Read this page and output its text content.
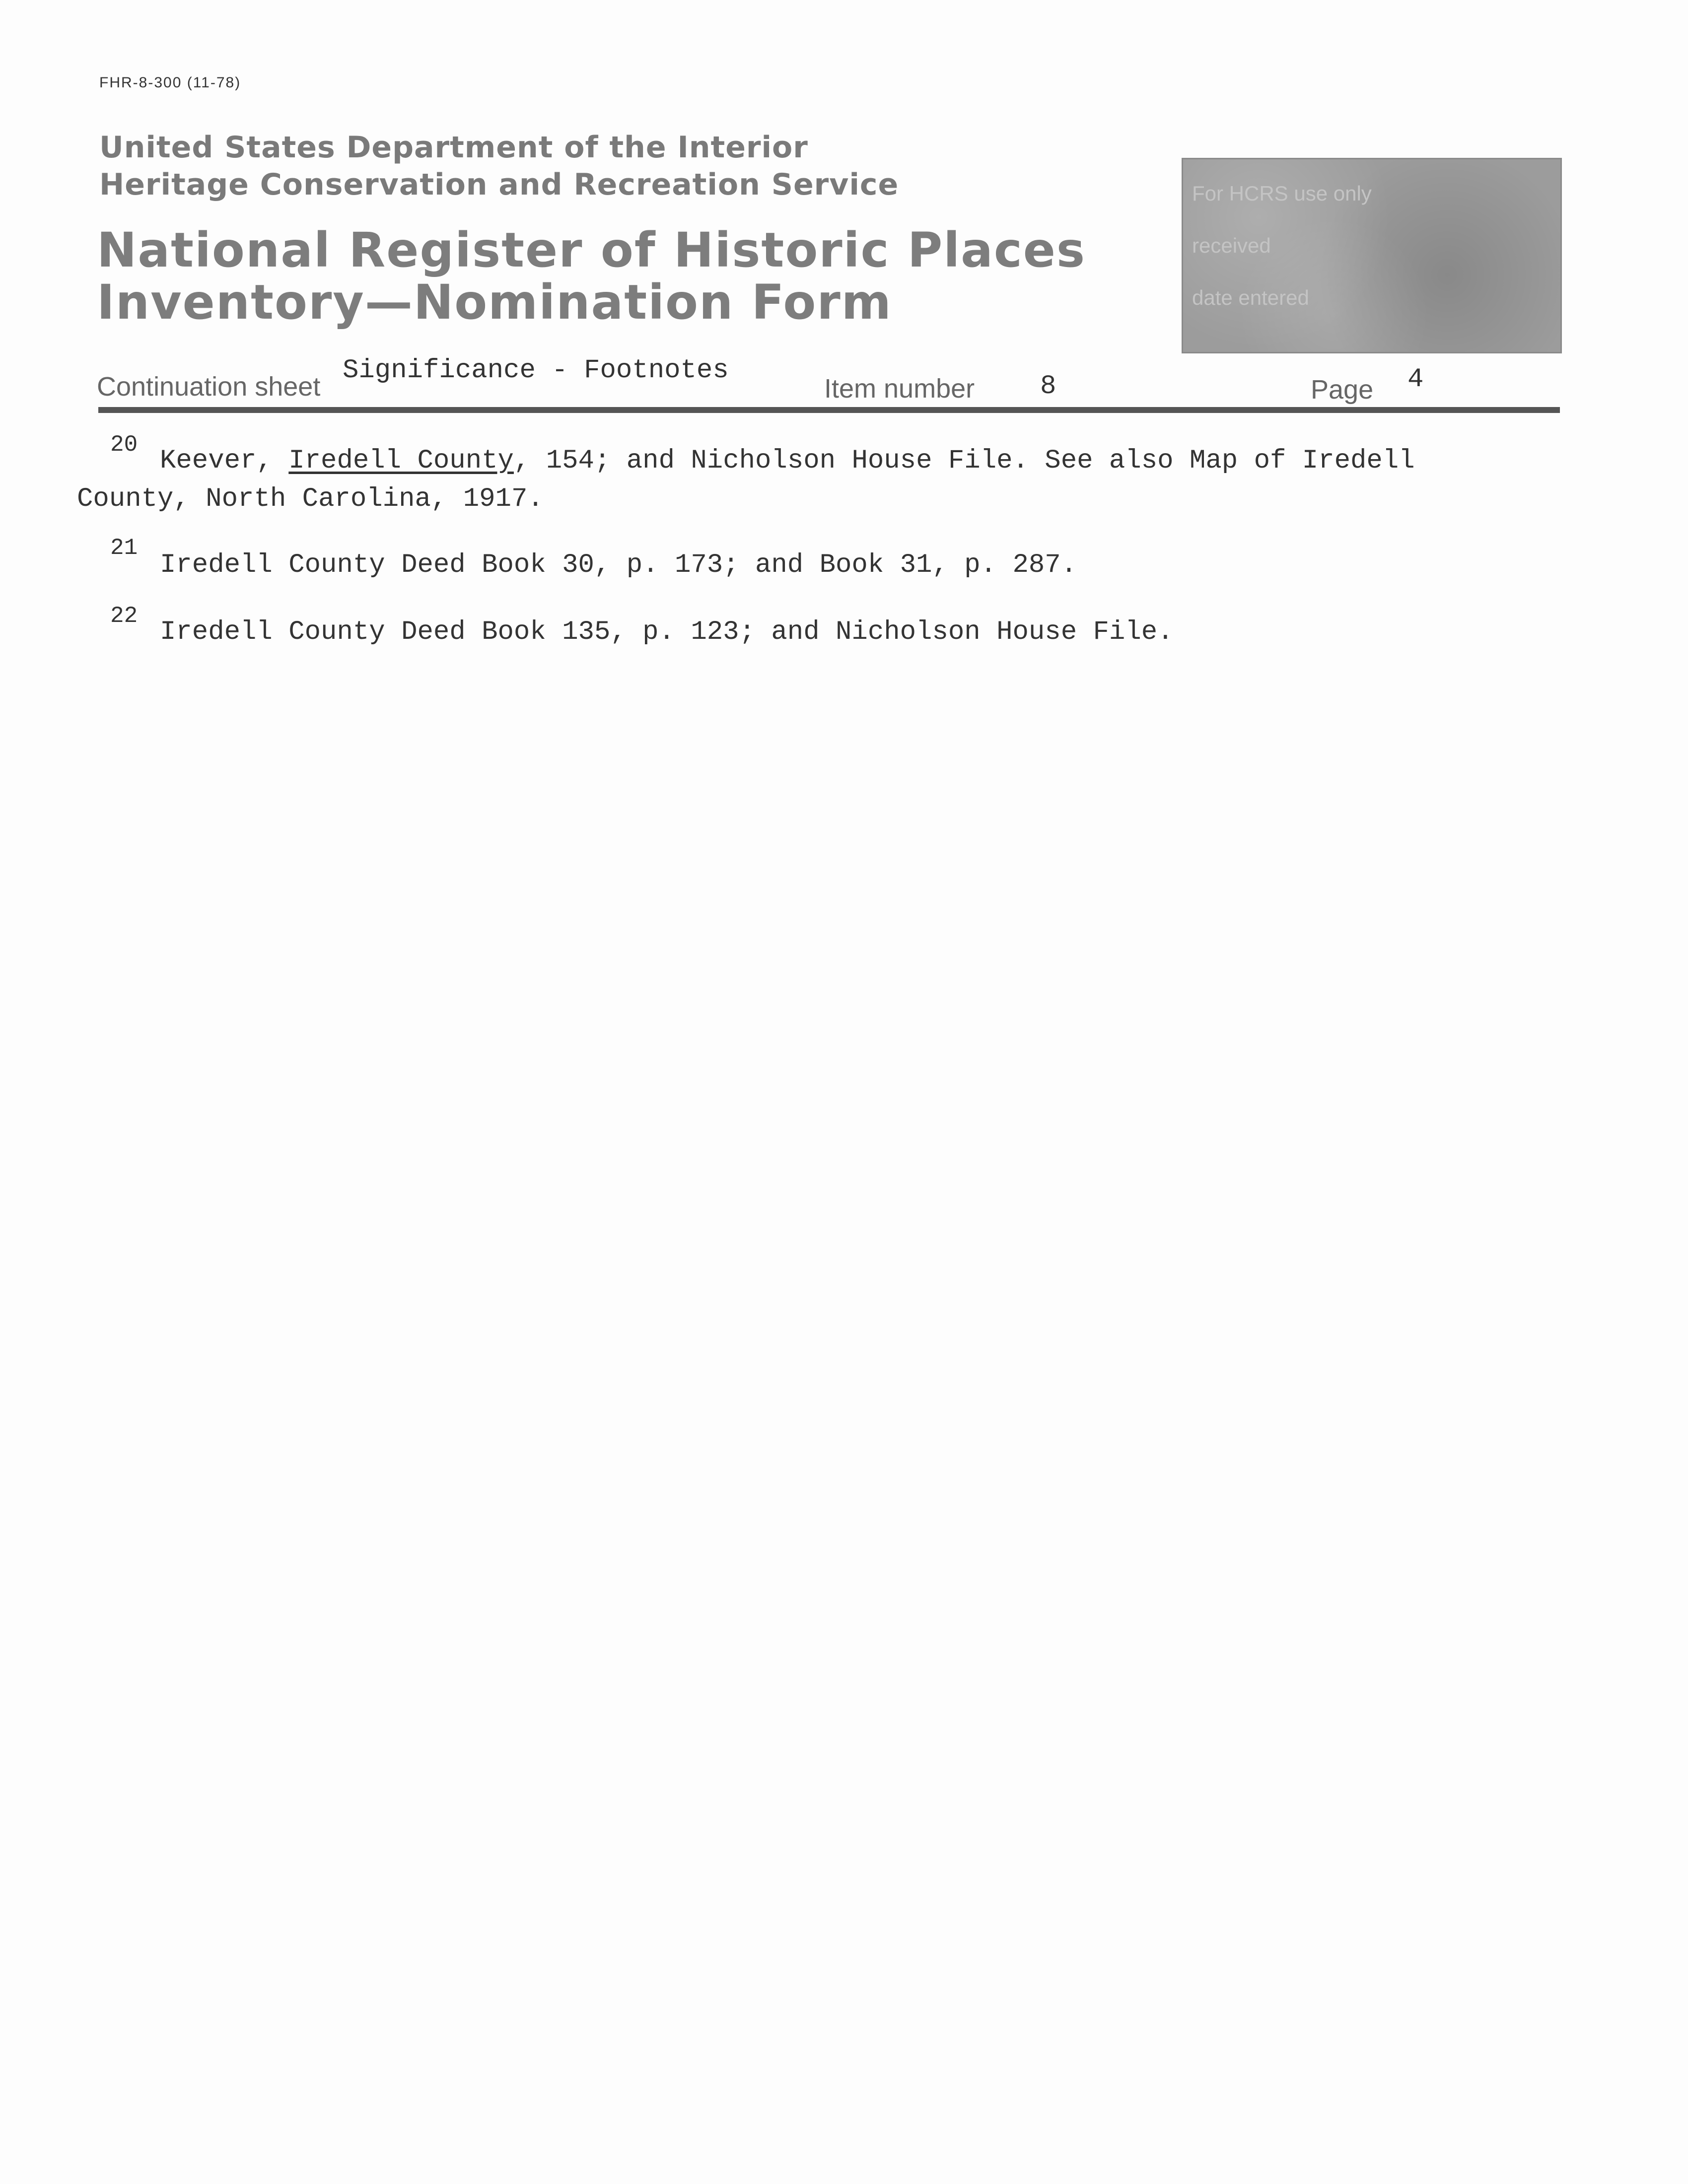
FHR-8-300 (11-78)
United States Department of the Interior
Heritage Conservation and Recreation Service
National Register of Historic Places
Inventory—Nomination Form
For HCRS use only
received
date entered
Continuation sheet
Significance - Footnotes
Item number 8	Page 4
20
Keever, Iredell County, 154; and Nicholson House File. See also Map of Iredell
County, North Carolina, 1917.
21
Iredell County Deed Book 30, p. 173; and Book 31, p. 287.
22
Iredell County Deed Book 135, p. 123; and Nicholson House File.
